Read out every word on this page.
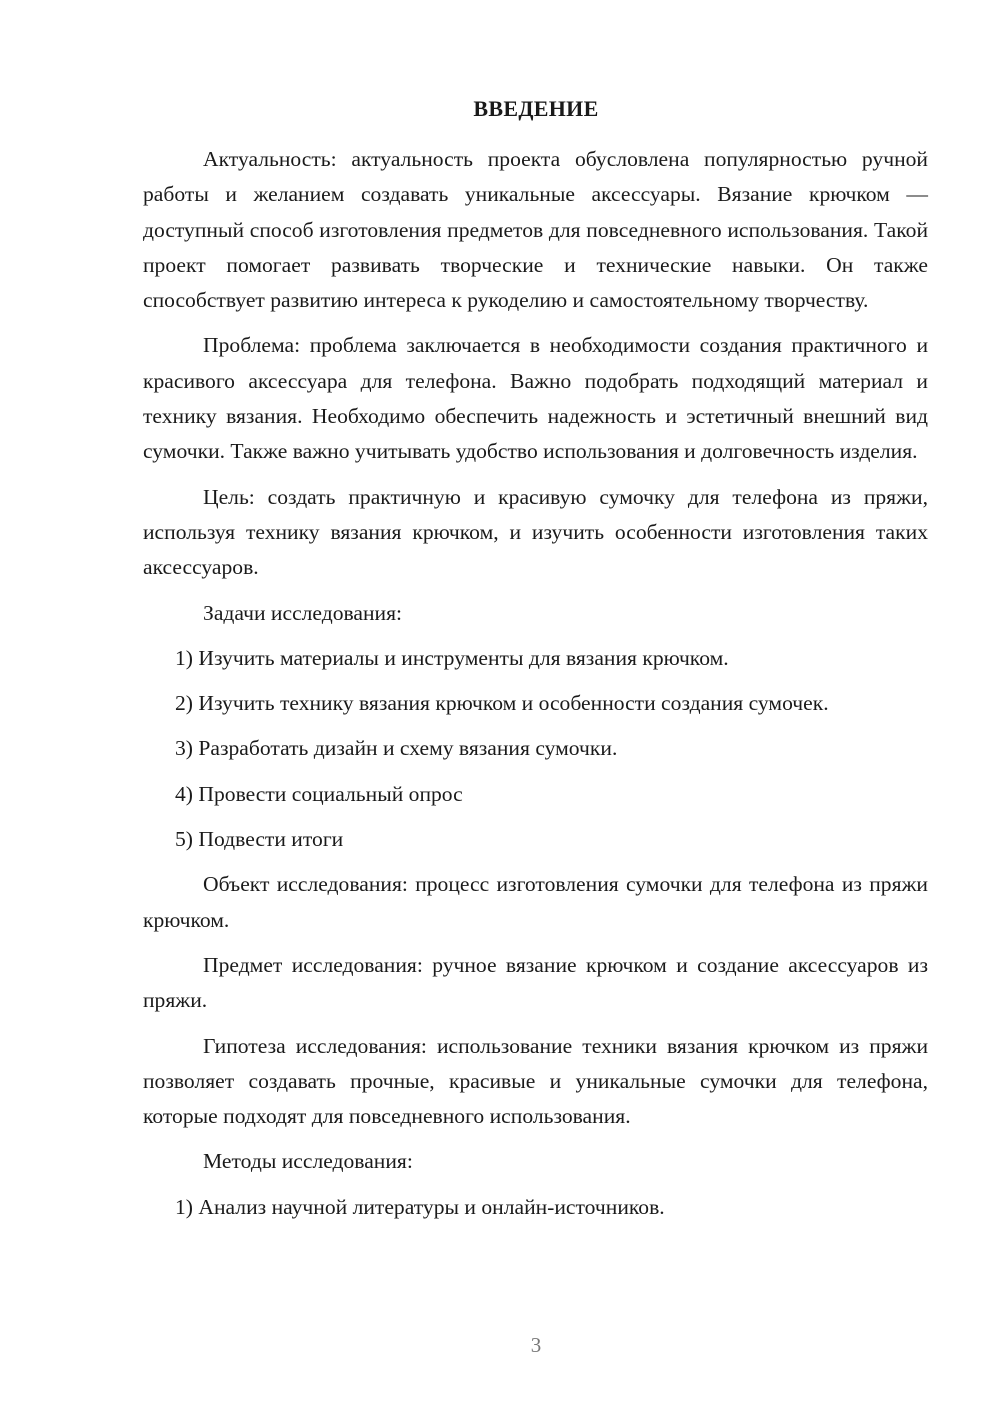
ВВЕДЕНИЕ

Актуальность: актуальность проекта обусловлена популярностью ручной работы и желанием создавать уникальные аксессуары. Вязание крючком — доступный способ изготовления предметов для повседневного использования. Такой проект помогает развивать творческие и технические навыки. Он также способствует развитию интереса к рукоделию и самостоятельному творчеству.

Проблема: проблема заключается в необходимости создания практичного и красивого аксессуара для телефона. Важно подобрать подходящий материал и технику вязания. Необходимо обеспечить надежность и эстетичный внешний вид сумочки. Также важно учитывать удобство использования и долговечность изделия.

Цель: создать практичную и красивую сумочку для телефона из пряжи, используя технику вязания крючком, и изучить особенности изготовления таких аксессуаров.

Задачи исследования:

1) Изучить материалы и инструменты для вязания крючком.

2) Изучить технику вязания крючком и особенности создания сумочек.

3) Разработать дизайн и схему вязания сумочки.

4) Провести социальный опрос

5) Подвести итоги

Объект исследования: процесс изготовления сумочки для телефона из пряжи крючком.

Предмет исследования: ручное вязание крючком и создание аксессуаров из пряжи.

Гипотеза исследования: использование техники вязания крючком из пряжи позволяет создавать прочные, красивые и уникальные сумочки для телефона, которые подходят для повседневного использования.

Методы исследования:

1) Анализ научной литературы и онлайн-источников.

3
